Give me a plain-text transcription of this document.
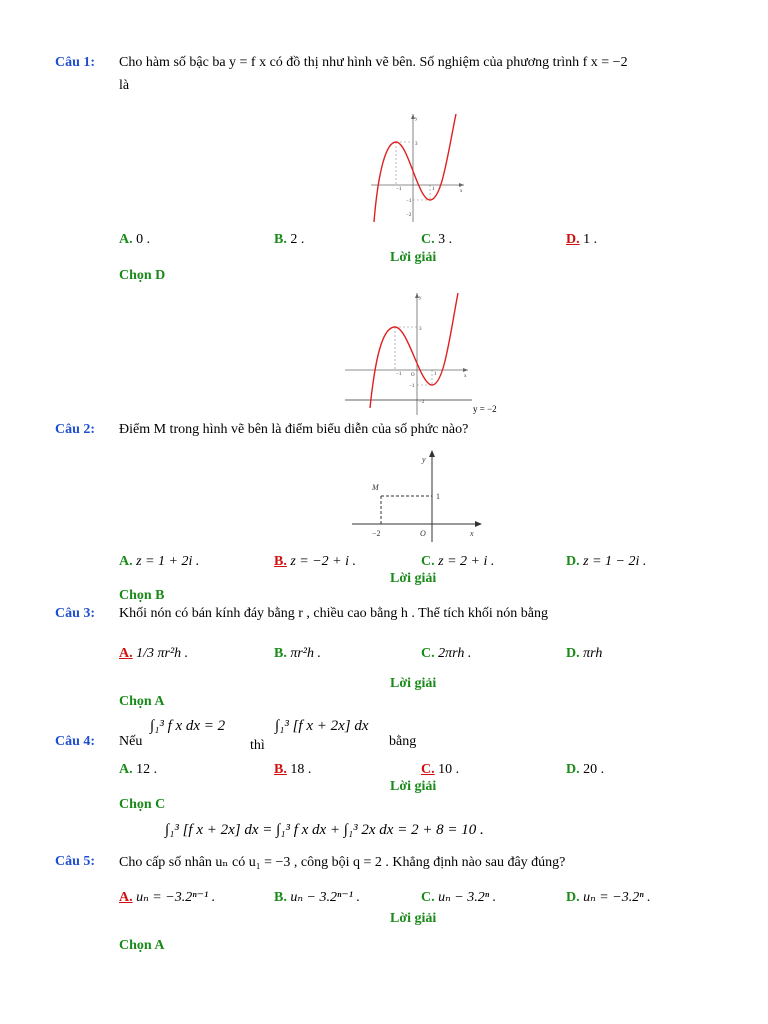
Câu 1: Cho hàm số bậc ba y = f x có đồ thị như hình vẽ bên. Số nghiệm của phương trình f x = −2
là
−1	1
3
−1
−2
y
x
A. 0 .	B. 2 .	C. 3 .	D. 1 .
Lời giải
Chọn D
−1	1
3
−1
−2
y
x
O
y = −2
Câu 2: Điểm M trong hình vẽ bên là điểm biểu diễn của số phức nào?
M
y
x
O
−2
1
A. z = 1 + 2i .	B. z = −2 + i .	C. z = 2 + i .	D. z = 1 − 2i .
Lời giải
Chọn B
Câu 3: Khối nón có bán kính đáy bằng r , chiều cao bằng h . Thể tích khối nón bằng
A. 1/3 πr²h .	B. πr²h .	C. 2πrh .	D. πrh
Lời giải
Chọn A
Câu 4: Nếu
∫₁³ f x dx = 2
thì
∫₁³ [f x + 2x] dx
bằng
A. 12 .	B. 18 .	C. 10 .	D. 20 .
Lời giải
Chọn C
∫₁³ [f x + 2x] dx = ∫₁³ f x dx + ∫₁³ 2x dx = 2 + 8 = 10 .
Câu 5: Cho cấp số nhân uₙ có u₁ = −3 , công bội q = 2 . Khẳng định nào sau đây đúng?
A. uₙ = −3.2ⁿ⁻¹ .	B. uₙ − 3.2ⁿ⁻¹ .	C. uₙ − 3.2ⁿ .	D. uₙ = −3.2ⁿ .
Lời giải
Chọn A
